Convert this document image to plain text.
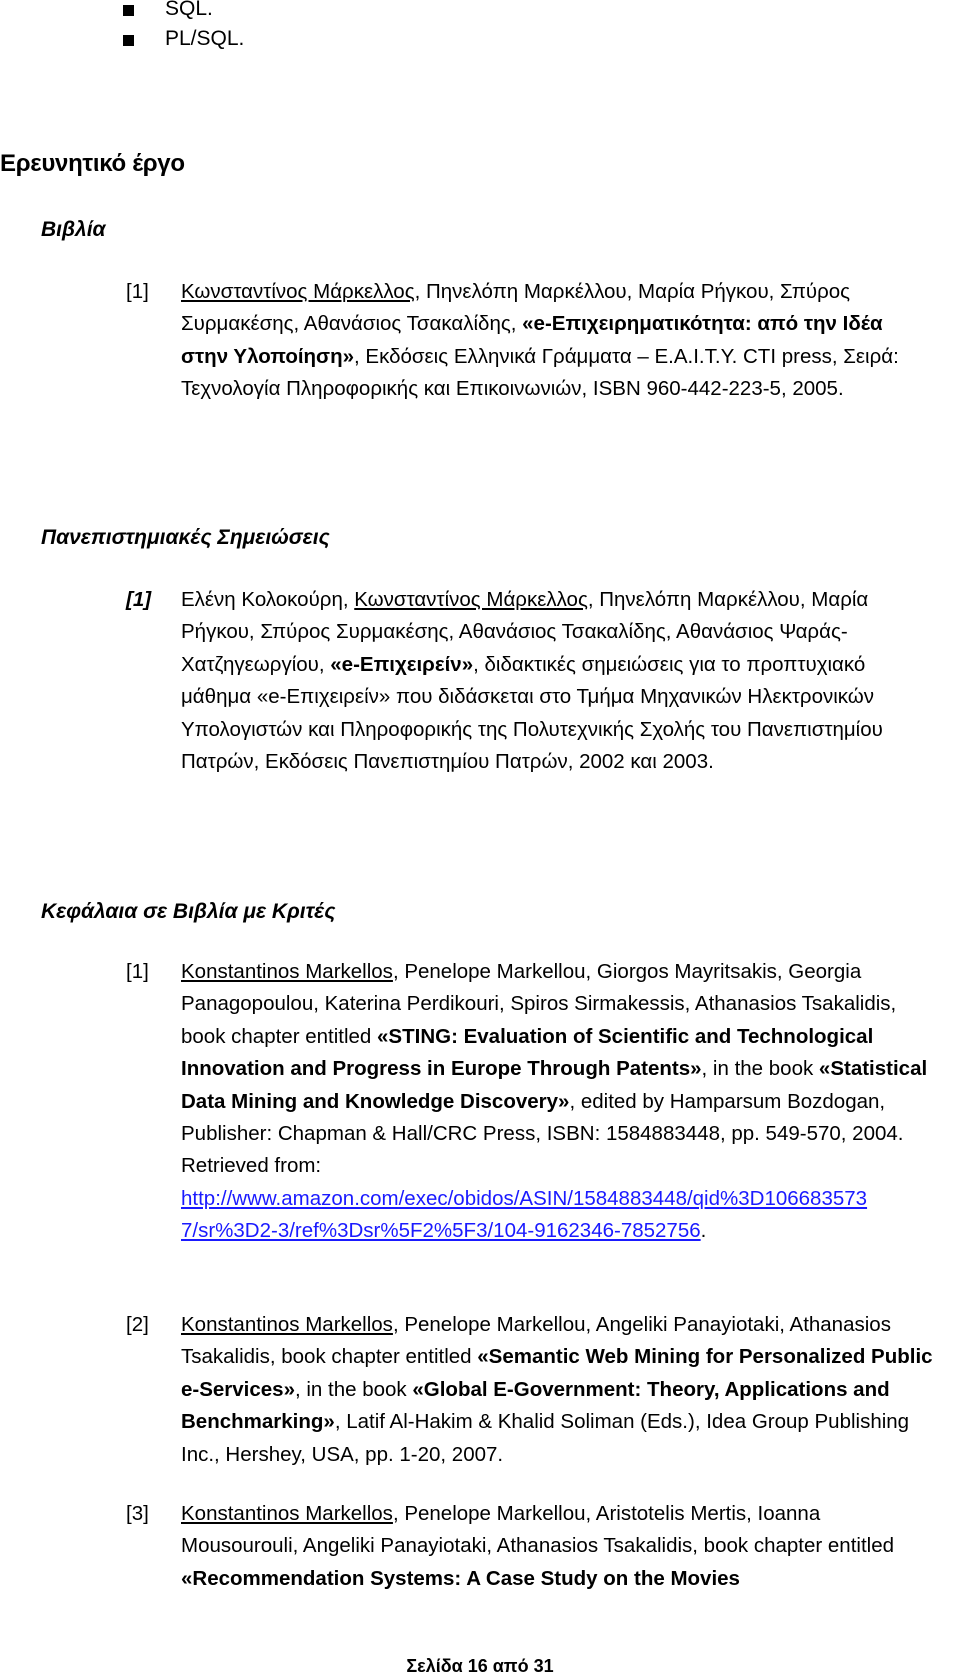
SQL.
PL/SQL.
Ερευνητικό έργο
Βιβλία
[1] Κωνσταντίνος Μάρκελλος, Πηνελόπη Μαρκέλλου, Μαρία Ρήγκου, Σπύρος Συρμακέσης, Αθανάσιος Τσακαλίδης, «e-Επιχειρηματικότητα: από την Ιδέα στην Υλοποίηση», Εκδόσεις Ελληνικά Γράμματα – Ε.Α.Ι.Τ.Υ. CTI press, Σειρά: Τεχνολογία Πληροφορικής και Επικοινωνιών, ISBN 960-442-223-5, 2005.
Πανεπιστημιακές Σημειώσεις
[1] Ελένη Κολοκούρη, Κωνσταντίνος Μάρκελλος, Πηνελόπη Μαρκέλλου, Μαρία Ρήγκου, Σπύρος Συρμακέσης, Αθανάσιος Τσακαλίδης, Αθανάσιος Ψαράς-Χατζηγεωργίου, «e-Επιχειρείν», διδακτικές σημειώσεις για το προπτυχιακό μάθημα «e-Επιχειρείν» που διδάσκεται στο Τμήμα Μηχανικών Ηλεκτρονικών Υπολογιστών και Πληροφορικής της Πολυτεχνικής Σχολής του Πανεπιστημίου Πατρών, Εκδόσεις Πανεπιστημίου Πατρών, 2002 και 2003.
Κεφάλαια σε Βιβλία με Κριτές
[1] Konstantinos Markellos, Penelope Markellou, Giorgos Mayritsakis, Georgia Panagopoulou, Katerina Perdikouri, Spiros Sirmakessis, Athanasios Tsakalidis, book chapter entitled «STING: Evaluation of Scientific and Technological Innovation and Progress in Europe Through Patents», in the book «Statistical Data Mining and Knowledge Discovery», edited by Hamparsum Bozdogan, Publisher: Chapman & Hall/CRC Press, ISBN: 1584883448, pp. 549-570, 2004.
Retrieved from:
http://www.amazon.com/exec/obidos/ASIN/1584883448/qid%3D106683573
7/sr%3D2-3/ref%3Dsr%5F2%5F3/104-9162346-7852756.
[2] Konstantinos Markellos, Penelope Markellou, Angeliki Panayiotaki, Athanasios Tsakalidis, book chapter entitled «Semantic Web Mining for Personalized Public e-Services», in the book «Global E-Government: Theory, Applications and Benchmarking», Latif Al-Hakim & Khalid Soliman (Eds.), Idea Group Publishing Inc., Hershey, USA, pp. 1-20, 2007.
[3] Konstantinos Markellos, Penelope Markellou, Aristotelis Mertis, Ioanna Mousourouli, Angeliki Panayiotaki, Athanasios Tsakalidis, book chapter entitled «Recommendation Systems: A Case Study on the Movies
Σελίδα 16 από 31
